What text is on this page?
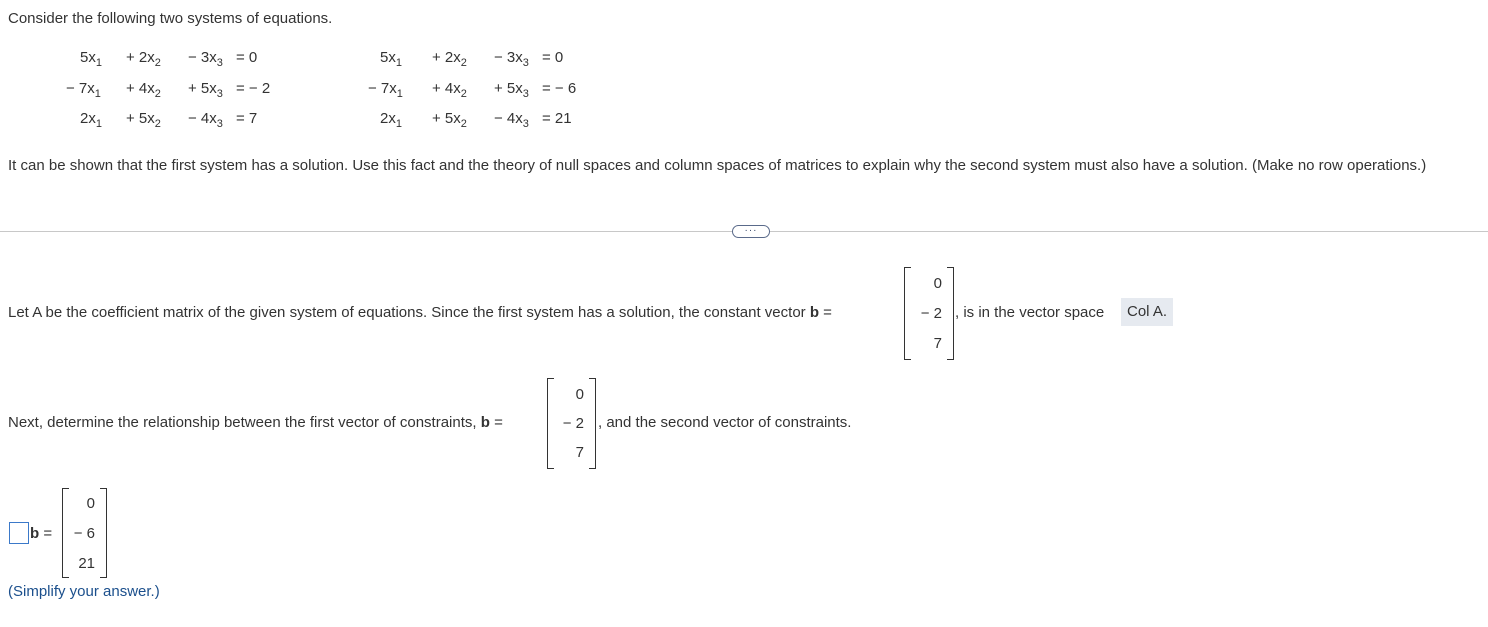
Consider the following two systems of equations.
$5x_1 + 2x_2 - 3x_3 = 0$
− $7x_1 + 4x_2 + 5x_3$ = − 2
$2x_1 + 5x_2 - 4x_3 = 7$
$5x_1 + 2x_2 - 3x_3 = 0$
− $7x_1 + 4x_2 + 5x_3$ = − 6
$2x_1 + 5x_2 - 4x_3 = 21$
It can be shown that the first system has a solution. Use this fact and the theory of null spaces and column spaces of matrices to explain why the second system must also have a solution. (Make no row operations.)
···
Let A be the coefficient matrix of the given system of equations. Since the first system has a solution, the constant vector b =
0
− 2
7
, is in the vector space	Col A.
Next, determine the relationship between the first vector of constraints, b =
0
− 2
7
, and the second vector of constraints.
b =
0
− 6
21
(Simplify your answer.)
